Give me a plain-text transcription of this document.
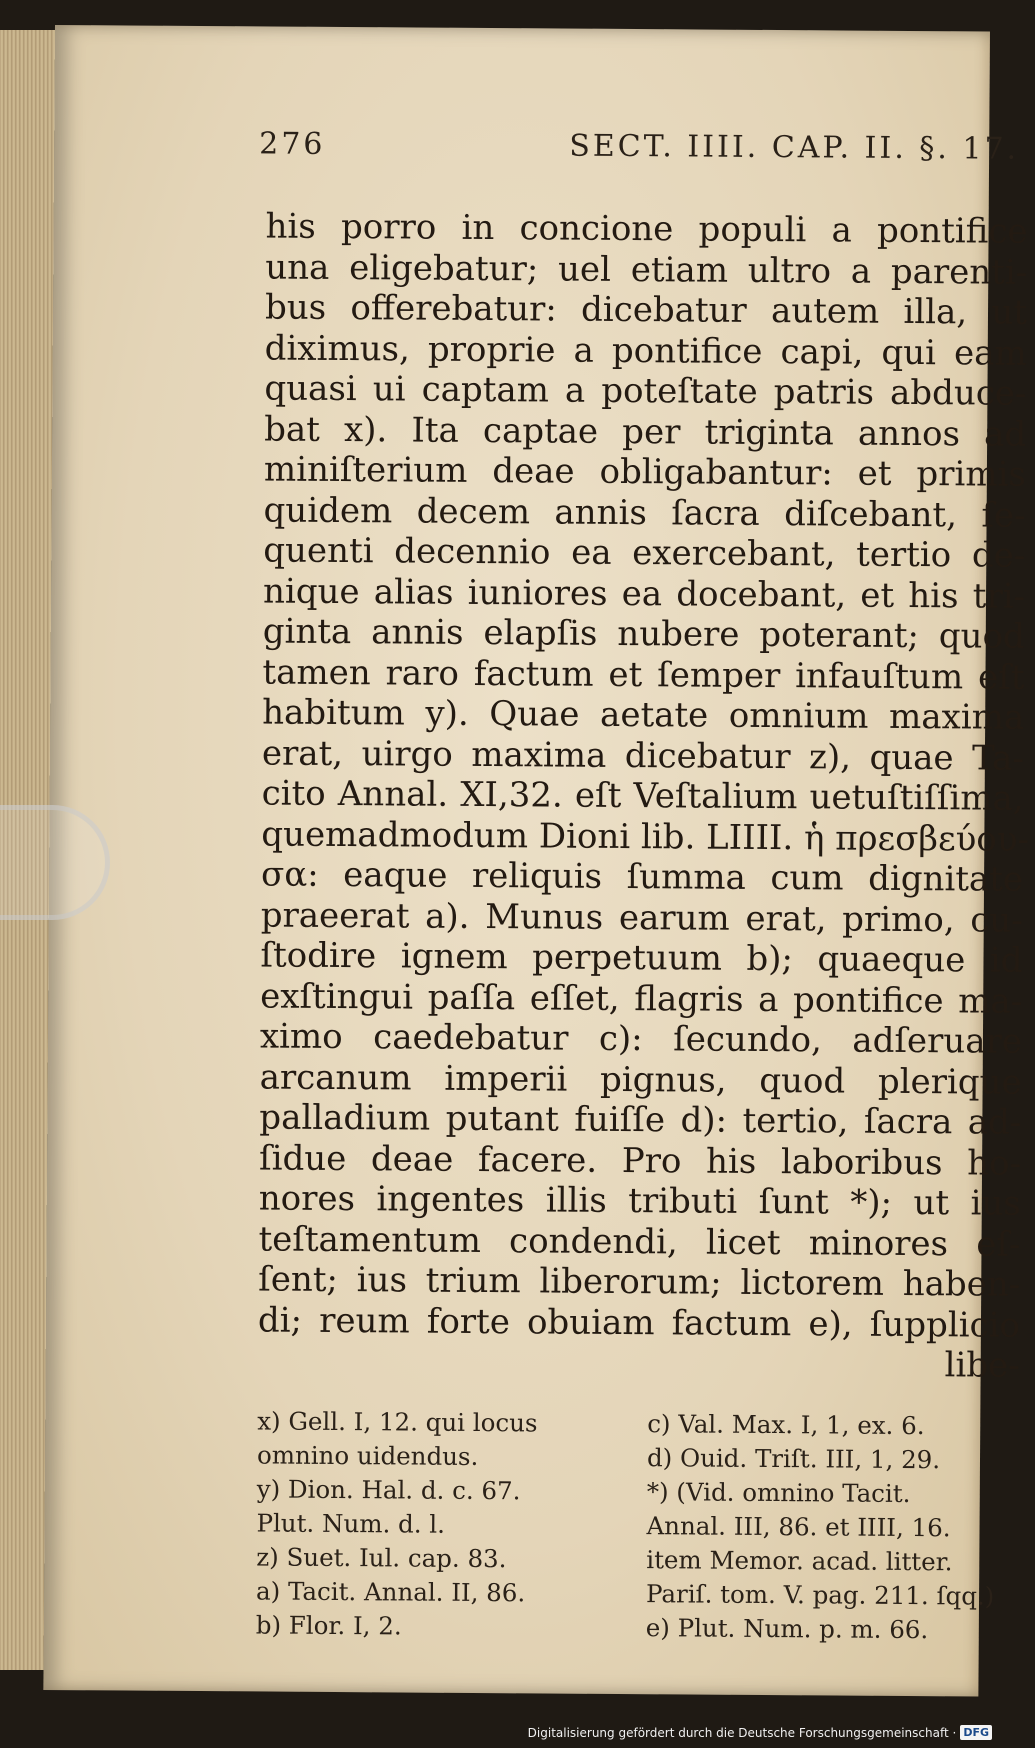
276	SECT. IIII. CAP. II. §. 17.
his porro in concione populi a pontifice
una eligebatur; uel etiam ultro a parenti-
bus offerebatur: dicebatur autem illa, ut
diximus, proprie a pontifice capi, qui eam
quasi ui captam a poteſtate patris abduce-
bat x). Ita captae per triginta annos ad
miniſterium deae obligabantur: et primis
quidem decem annis ſacra diſcebant, ſe-
quenti decennio ea exercebant, tertio de-
nique alias iuniores ea docebant, et his tri-
ginta annis elapſis nubere poterant; quod
tamen raro factum et ſemper infauſtum eſt
habitum y). Quae aetate omnium maxima
erat, uirgo maxima dicebatur z), quae Ta-
cito Annal. XI,32. eſt Veſtalium uetuſtiſſima,
quemadmodum Dioni lib. LIIII. ἡ πρεσβεύου-
σα: eaque reliquis ſumma cum dignitate
praeerat a). Munus earum erat, primo, cu-
ſtodire ignem perpetuum b); quaeque id
exſtingui paſſa eſſet, flagris a pontifice ma-
ximo caedebatur c): ſecundo, adſeruare
arcanum imperii pignus, quod plerique
palladium putant fuiſſe d): tertio, ſacra ad-
ſidue deae facere. Pro his laboribus ho-
nores ingentes illis tributi ſunt *); ut ius
teſtamentum condendi, licet minores eſ-
ſent; ius trium liberorum; lictorem haben-
di; reum forte obuiam factum e), ſupplicio
libe-
x) Gell. I, 12. qui locus
omnino uidendus.
y) Dion. Hal. d. c. 67.
Plut. Num. d. l.
z) Suet. Iul. cap. 83.
a) Tacit. Annal. II, 86.
b) Flor. I, 2.
c) Val. Max. I, 1, ex. 6.
d) Ouid. Triſt. III, 1, 29.
*) (Vid. omnino Tacit.
Annal. III, 86. et IIII, 16.
item Memor. acad. litter.
Pariſ. tom. V. pag. 211. ſqq.)
e) Plut. Num. p. m. 66.
Digitalisierung gefördert durch die Deutsche Forschungsgemeinschaft · DFG
